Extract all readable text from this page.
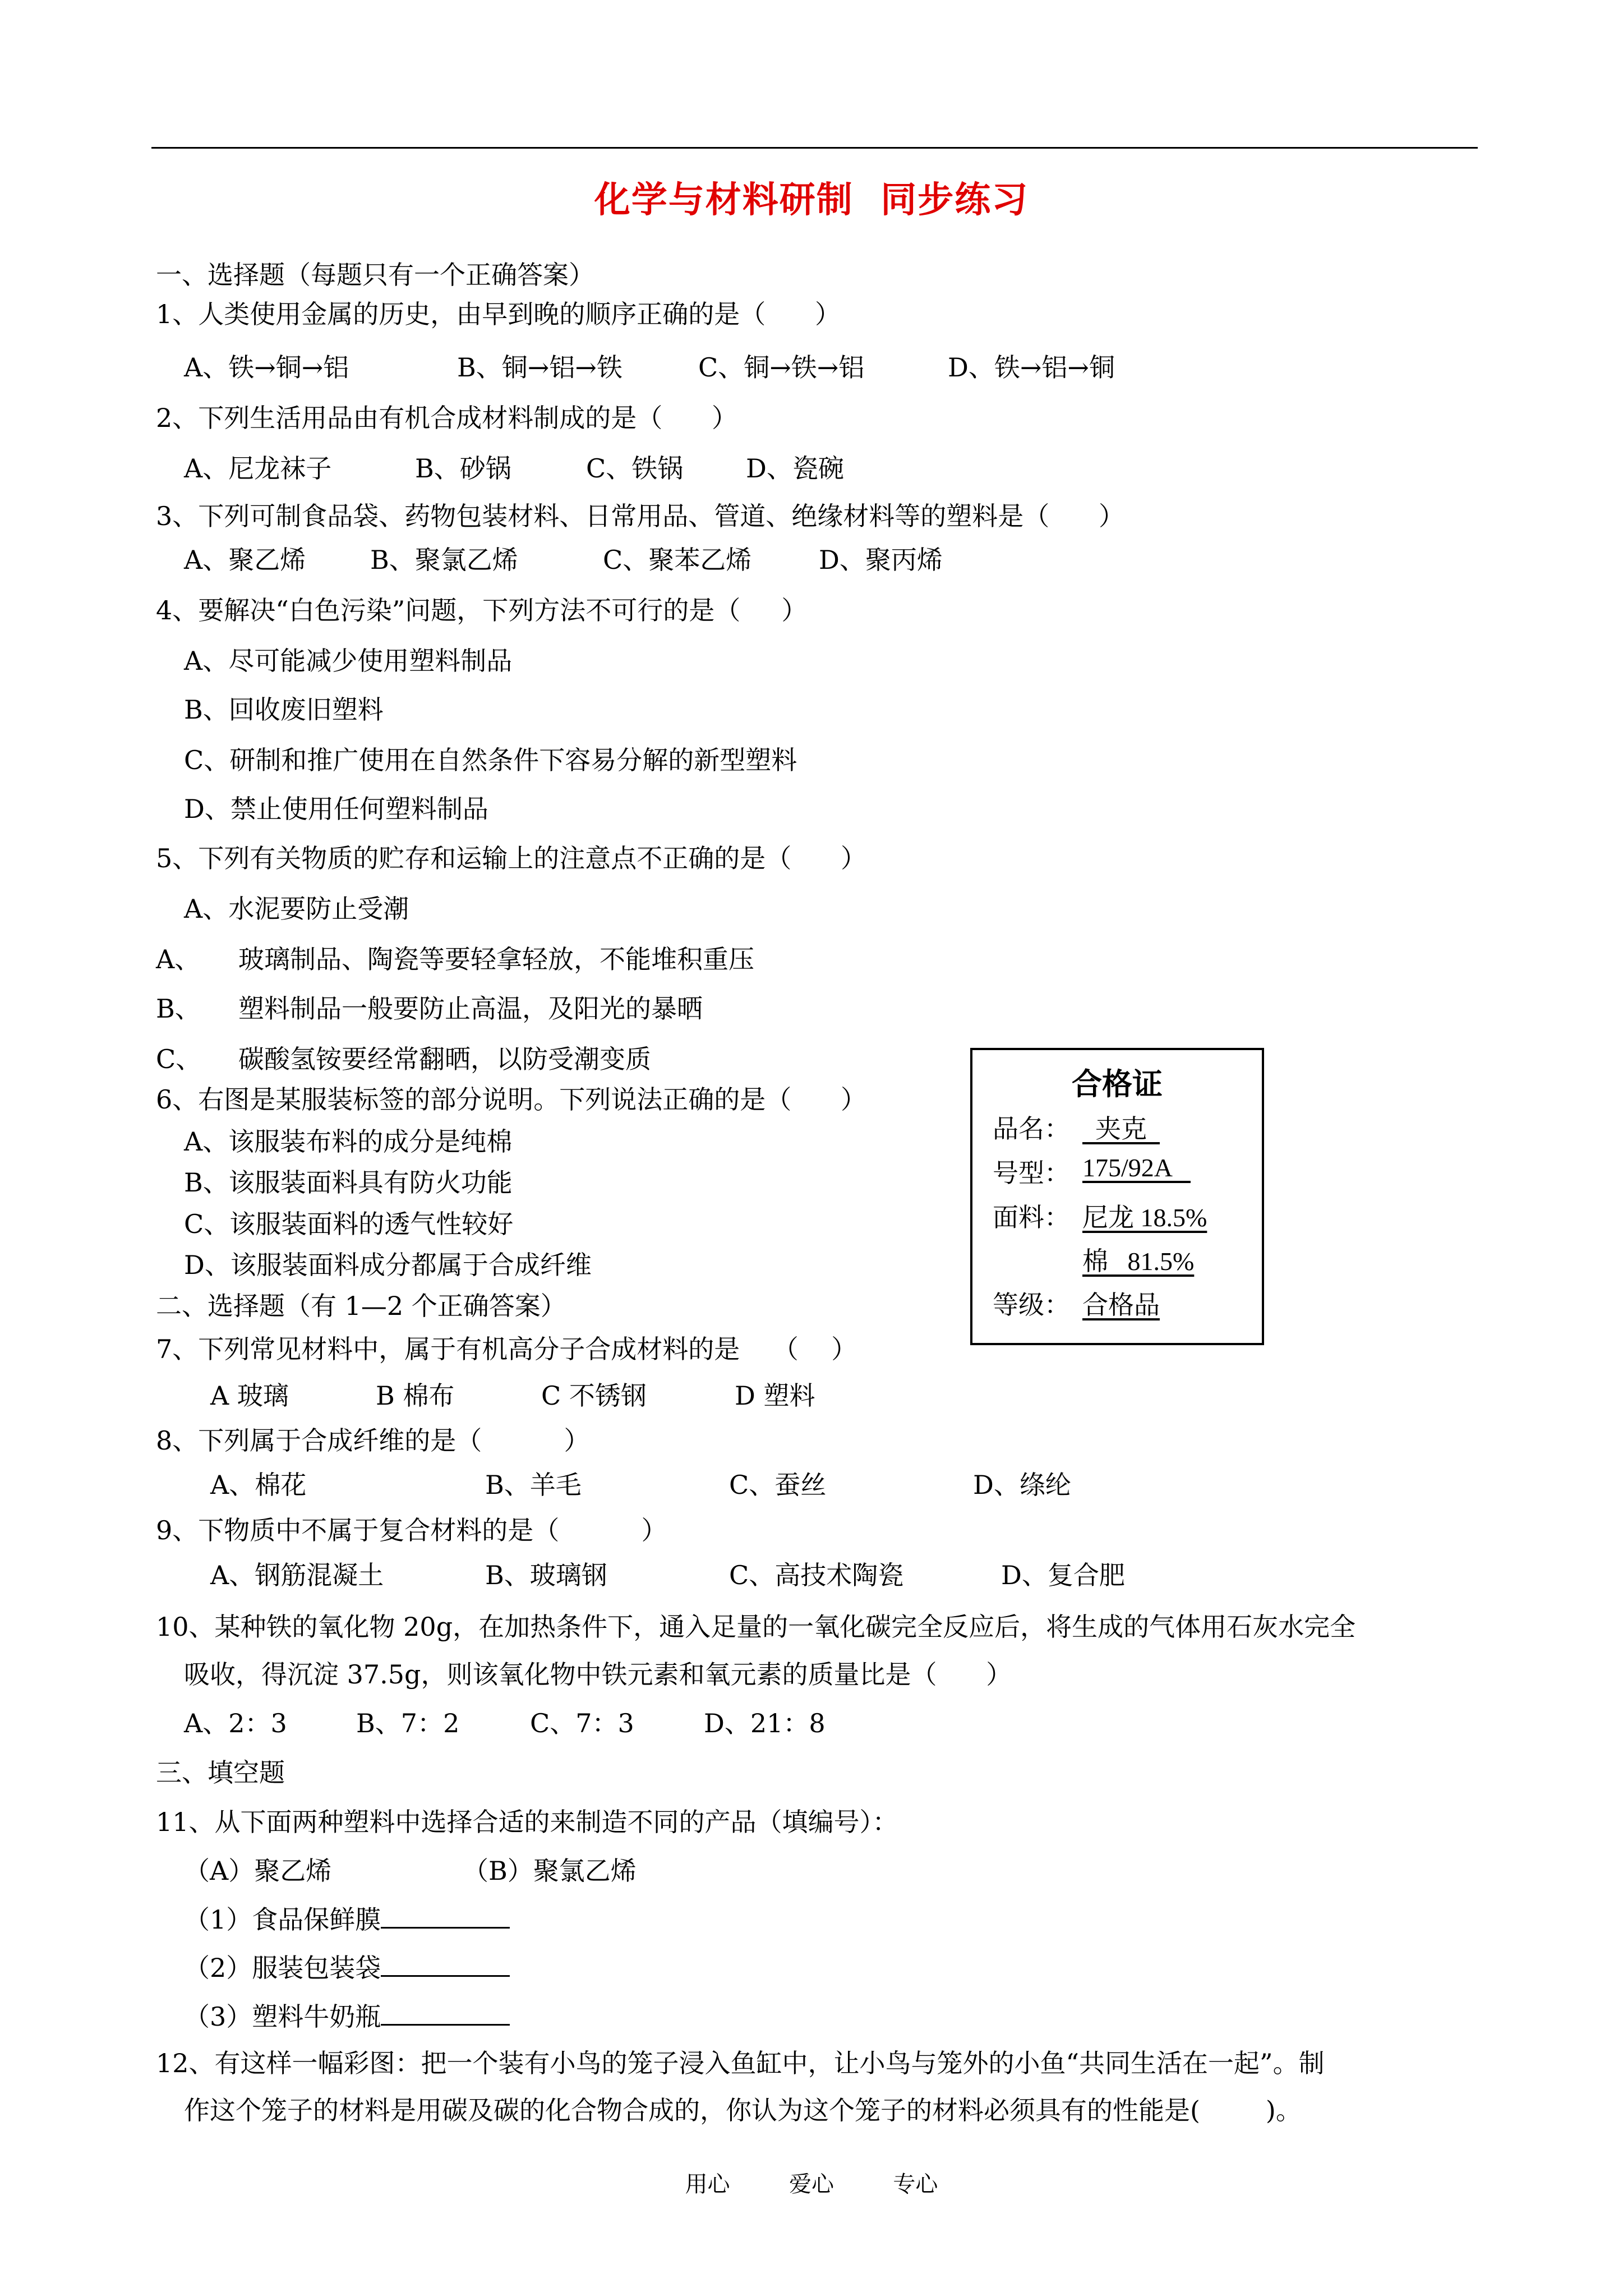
化学与材料研制  同步练习
一、选择题（每题只有一个正确答案）
1、人类使用金属的历史，由早到晚的顺序正确的是（      ）
A、铁→铜→铝	B、铜→铝→铁	C、铜→铁→铝	D、铁→铝→铜
2、下列生活用品由有机合成材料制成的是（      ）
A、尼龙袜子	B、砂锅	C、铁锅 D、瓷碗
3、下列可制食品袋、药物包装材料、日常用品、管道、绝缘材料等的塑料是（      ）
A、聚乙烯 B、聚氯乙烯	C、聚苯乙烯	D、聚丙烯
4、要解决“白色污染”问题，下列方法不可行的是（     ）
A、尽可能减少使用塑料制品
B、回收废旧塑料
C、研制和推广使用在自然条件下容易分解的新型塑料
D、禁止使用任何塑料制品
5、下列有关物质的贮存和运输上的注意点不正确的是（      ）
A、水泥要防止受潮
A、 玻璃制品、陶瓷等要轻拿轻放，不能堆积重压
B、 塑料制品一般要防止高温，及阳光的暴晒
C、 碳酸氢铵要经常翻晒，以防受潮变质
6、右图是某服装标签的部分说明。下列说法正确的是（      ）
A、该服装布料的成分是纯棉
B、该服装面料具有防火功能
C、该服装面料的透气性较好
D、该服装面料成分都属于合成纤维
合格证
品名： 夹克
号型： 175/92A
面料： 尼龙 18.5%
棉   81.5%
等级： 合格品
二、选择题（有 1—2 个正确答案）
7、下列常见材料中，属于有机高分子合成材料的是    （    ）
A 玻璃	B 棉布	C 不锈钢	D 塑料
8、下列属于合成纤维的是（          ）
A、棉花	B、羊毛	C、蚕丝	D、绦纶
9、下物质中不属于复合材料的是（          ）
A、钢筋混凝土	B、玻璃钢	C、高技术陶瓷	D、复合肥
10、某种铁的氧化物 20g，在加热条件下，通入足量的一氧化碳完全反应后，将生成的气体用石灰水完全
吸收，得沉淀 37.5g，则该氧化物中铁元素和氧元素的质量比是（      ）
A、2：3	B、7：2	C、7：3	D、21：8
三、填空题
11、从下面两种塑料中选择合适的来制造不同的产品（填编号）：
（A）聚乙烯	（B）聚氯乙烯
（1）食品保鲜膜
（2）服装包装袋
（3）塑料牛奶瓶
12、有这样一幅彩图：把一个装有小鸟的笼子浸入鱼缸中，让小鸟与笼外的小鱼“共同生活在一起”。制
作这个笼子的材料是用碳及碳的化合物合成的，你认为这个笼子的材料必须具有的性能是(        )。
用心  爱心  专心
